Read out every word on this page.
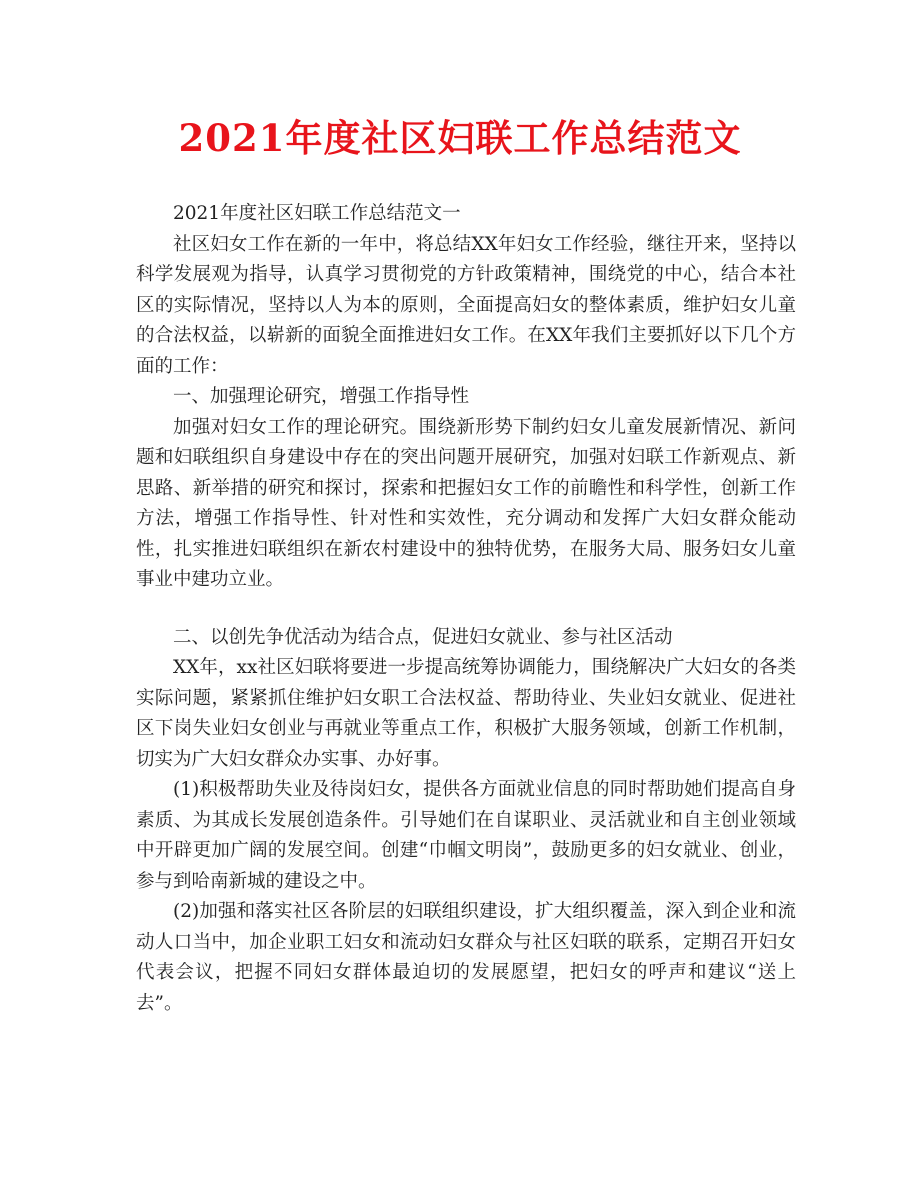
2021年度社区妇联工作总结范文

2021年度社区妇联工作总结范文一

社区妇女工作在新的一年中，将总结XX年妇女工作经验，继往开来，坚持以科学发展观为指导，认真学习贯彻党的方针政策精神，围绕党的中心，结合本社区的实际情况，坚持以人为本的原则，全面提高妇女的整体素质，维护妇女儿童的合法权益，以崭新的面貌全面推进妇女工作。在XX年我们主要抓好以下几个方面的工作：

一、加强理论研究，增强工作指导性

加强对妇女工作的理论研究。围绕新形势下制约妇女儿童发展新情况、新问题和妇联组织自身建设中存在的突出问题开展研究，加强对妇联工作新观点、新思路、新举措的研究和探讨，探索和把握妇女工作的前瞻性和科学性，创新工作方法，增强工作指导性、针对性和实效性，充分调动和发挥广大妇女群众能动性，扎实推进妇联组织在新农村建设中的独特优势，在服务大局、服务妇女儿童事业中建功立业。

二、以创先争优活动为结合点，促进妇女就业、参与社区活动

XX年，xx社区妇联将要进一步提高统筹协调能力，围绕解决广大妇女的各类实际问题，紧紧抓住维护妇女职工合法权益、帮助待业、失业妇女就业、促进社区下岗失业妇女创业与再就业等重点工作，积极扩大服务领域，创新工作机制，切实为广大妇女群众办实事、办好事。

(1)积极帮助失业及待岗妇女，提供各方面就业信息的同时帮助她们提高自身素质、为其成长发展创造条件。引导她们在自谋职业、灵活就业和自主创业领域中开辟更加广阔的发展空间。创建“巾帼文明岗”，鼓励更多的妇女就业、创业，参与到哈南新城的建设之中。

(2)加强和落实社区各阶层的妇联组织建设，扩大组织覆盖，深入到企业和流动人口当中，加企业职工妇女和流动妇女群众与社区妇联的联系，定期召开妇女代表会议，把握不同妇女群体最迫切的发展愿望，把妇女的呼声和建议“送上去”。
